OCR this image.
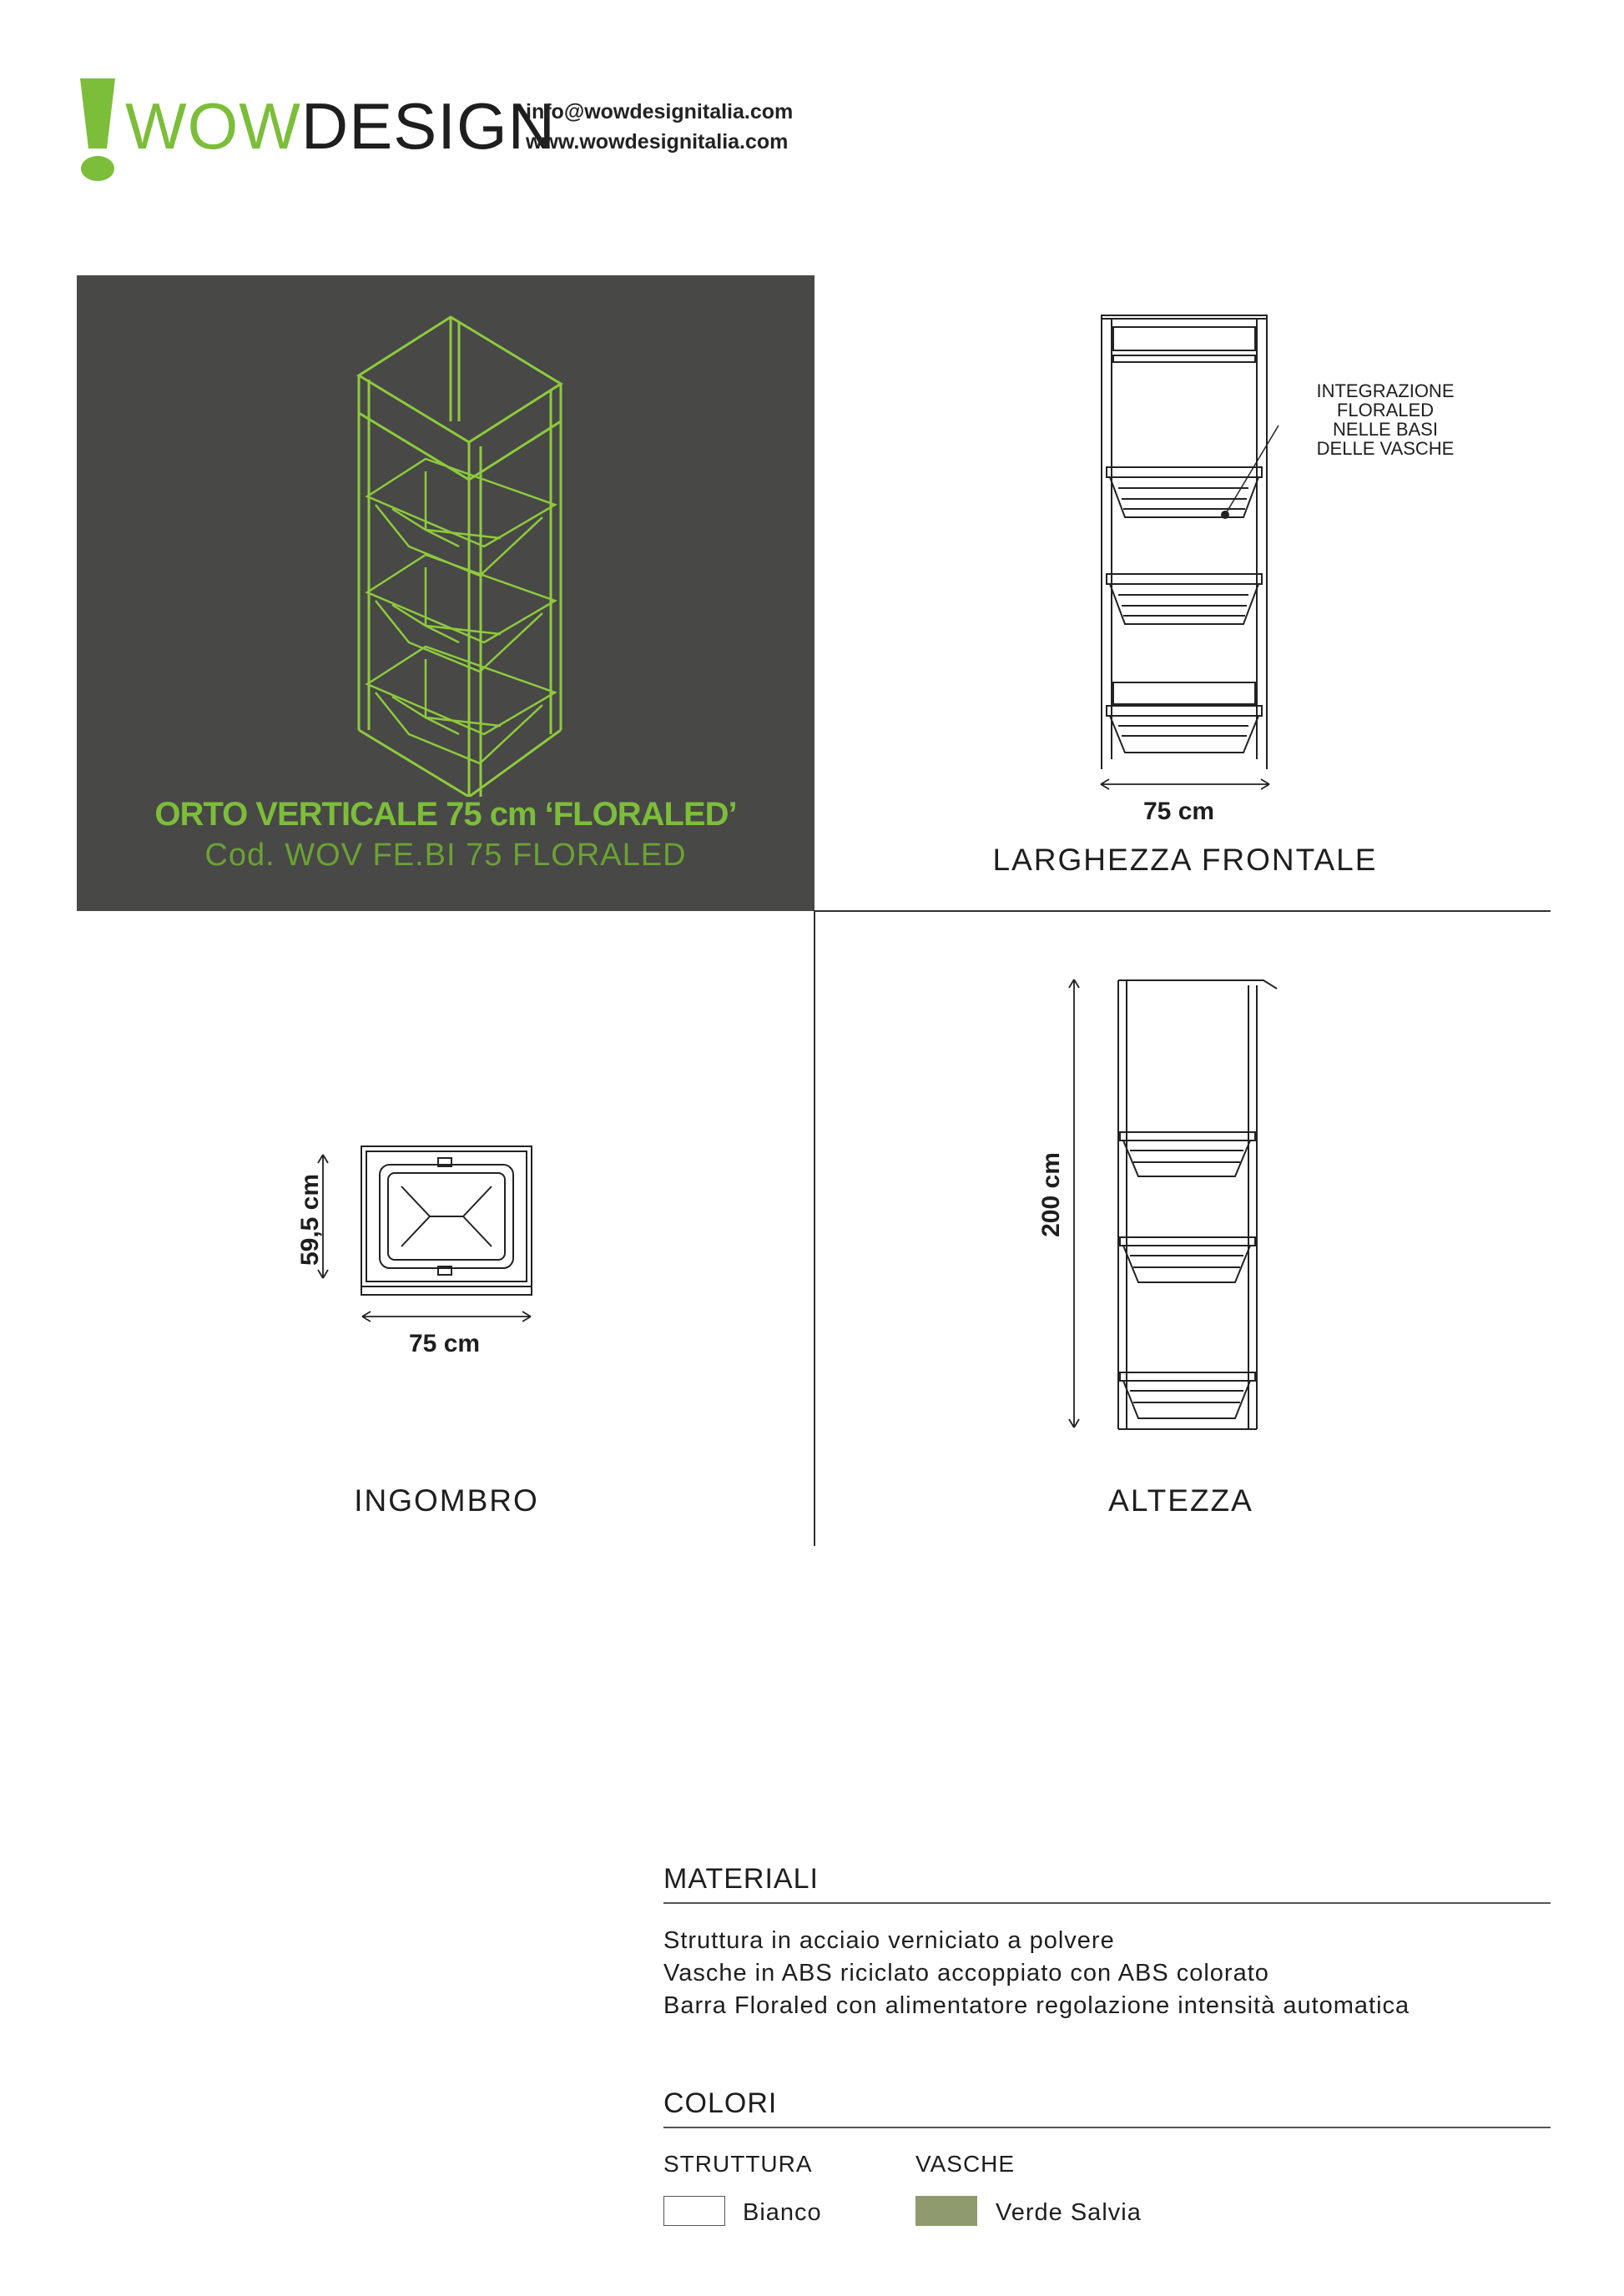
WOWDESIGN
info@wowdesignitalia.com
www.wowdesignitalia.com
ORTO VERTICALE 75 cm ‘FLORALED’
Cod. WOV FE.BI 75 FLORALED
INTEGRAZIONE
FLORALED
NELLE BASI
DELLE VASCHE
75 cm
LARGHEZZA FRONTALE
59,5 cm
75 cm
INGOMBRO
200 cm
ALTEZZA
MATERIALI
Struttura in acciaio verniciato a polvere
Vasche in ABS riciclato accoppiato con ABS colorato
Barra Floraled con alimentatore regolazione intensità automatica
COLORI
STRUTTURA
Bianco
VASCHE
Verde Salvia
